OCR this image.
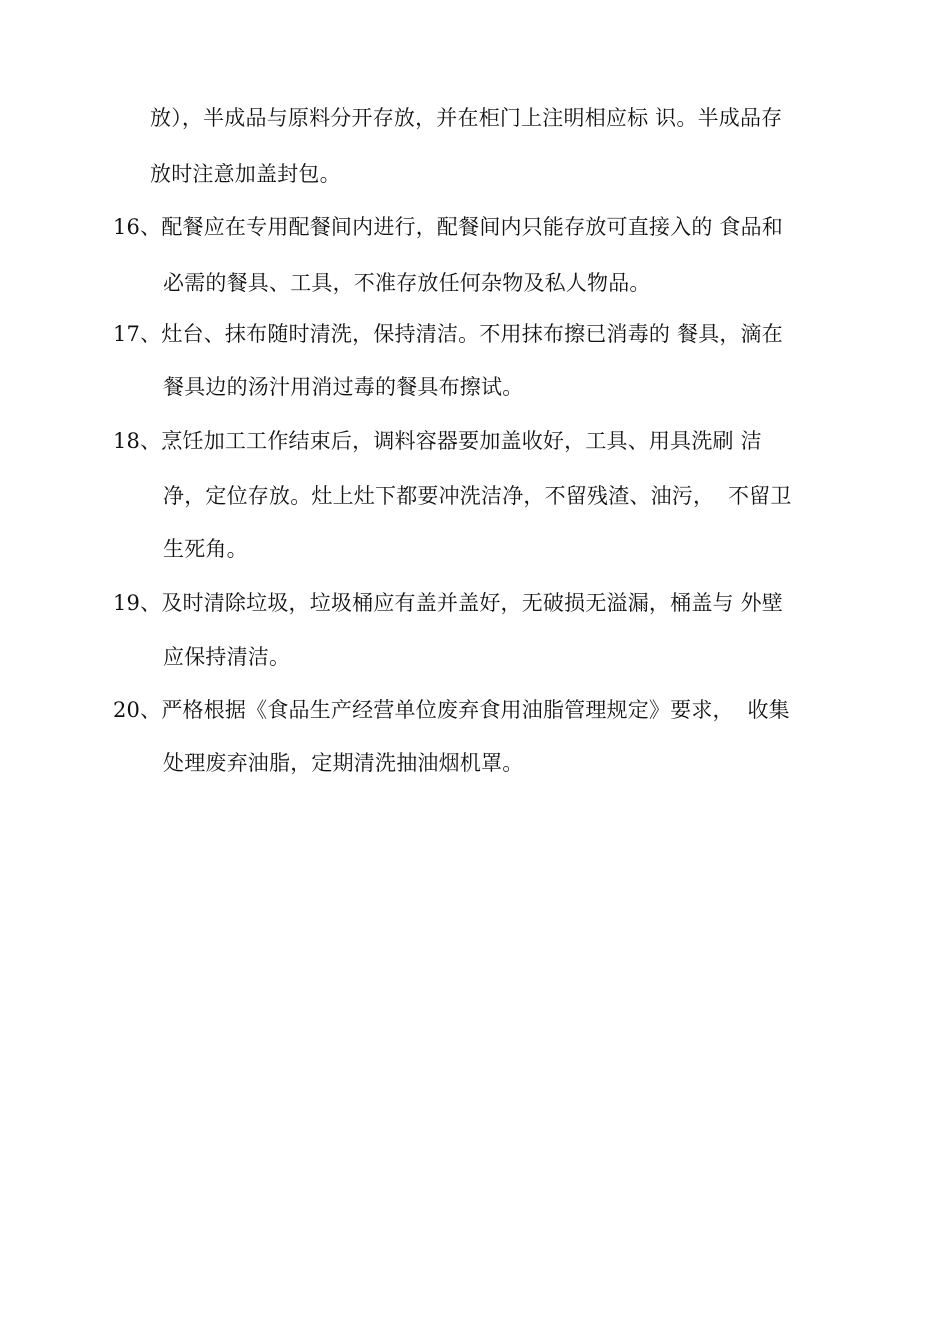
放），半成品与原料分开存放，并在柜门上注明相应标 识。半成品存
放时注意加盖封包。
16、配餐应在专用配餐间内进行，配餐间内只能存放可直接入的 食品和
必需的餐具、工具，不准存放任何杂物及私人物品。
17、灶台、抹布随时清洗，保持清洁。不用抹布擦已消毒的 餐具，滴在
餐具边的汤汁用消过毒的餐具布擦试。
18、烹饪加工工作结束后，调料容器要加盖收好，工具、用具洗刷 洁
净，定位存放。灶上灶下都要冲洗洁净，不留残渣、油污，  不留卫
生死角。
19、及时清除垃圾，垃圾桶应有盖并盖好，无破损无溢漏，桶盖与 外壁
应保持清洁。
20、严格根据《食品生产经营单位废弃食用油脂管理规定》要求，  收集
处理废弃油脂，定期清洗抽油烟机罩。
